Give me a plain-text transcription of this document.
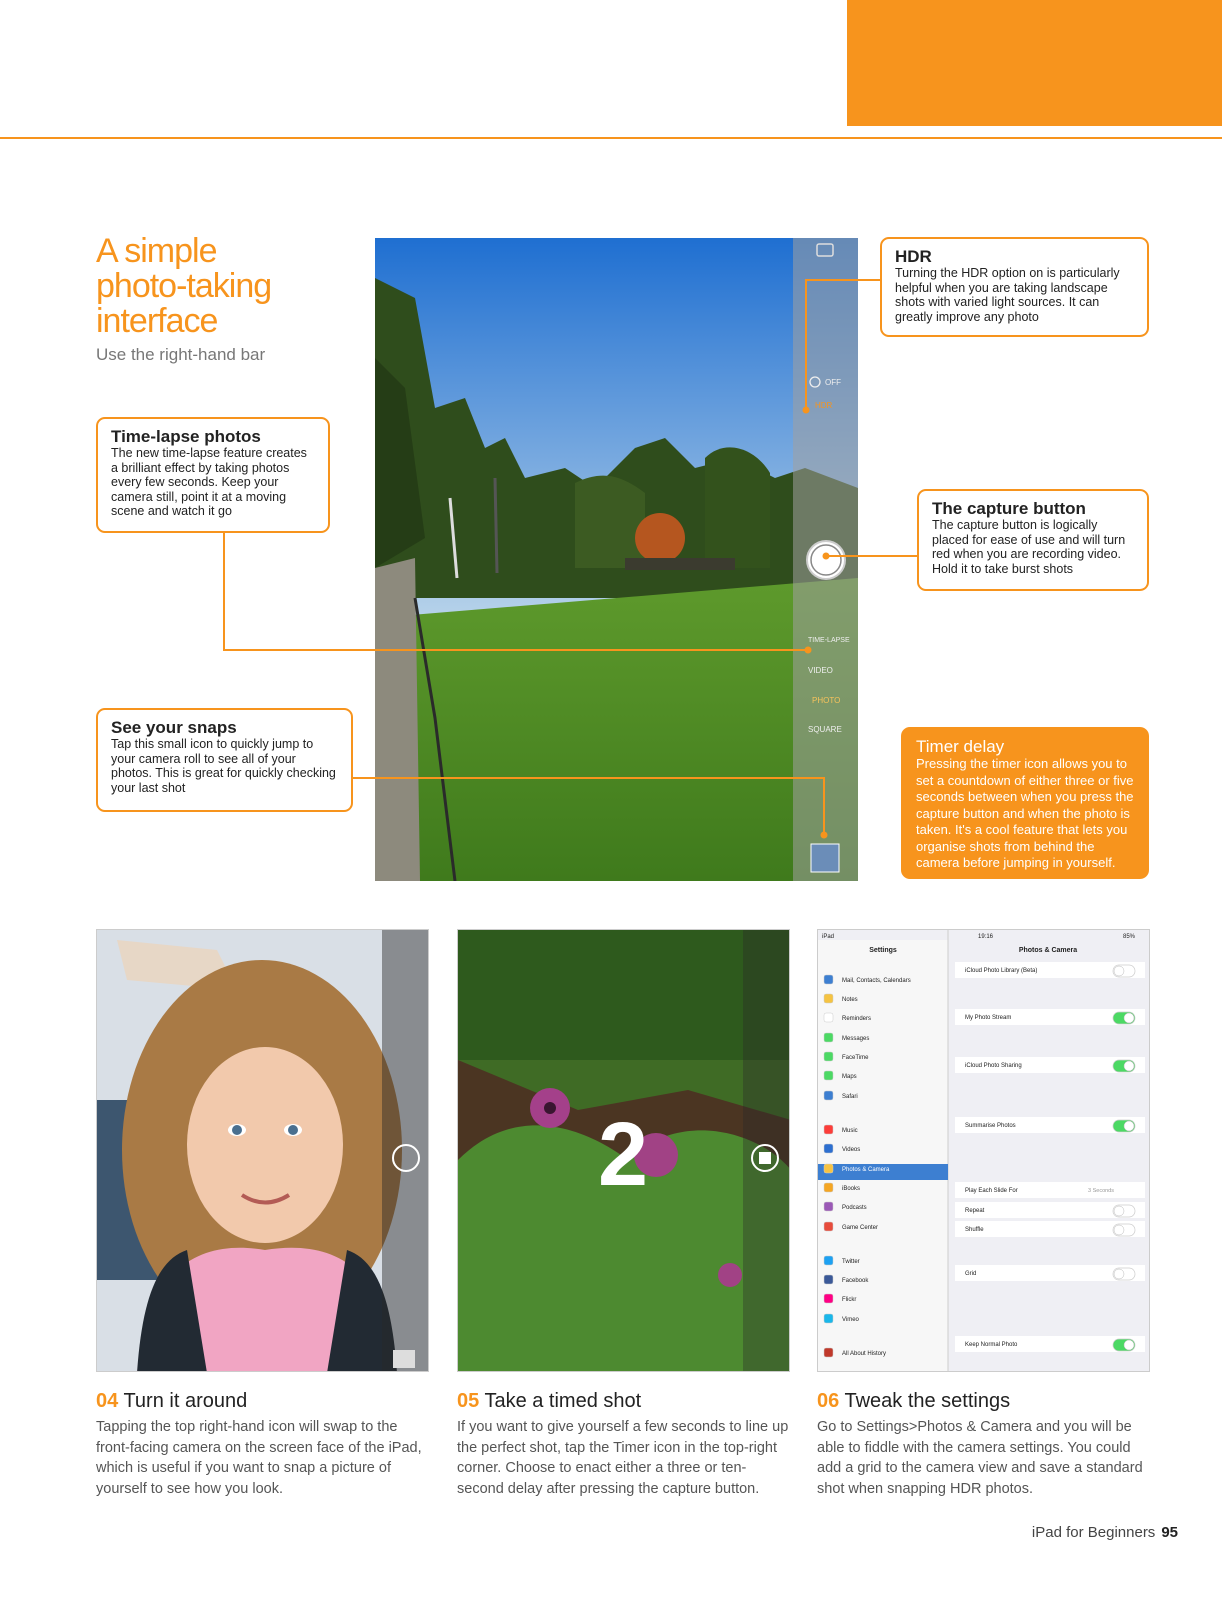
A simple
photo-taking
interface
Use the right-hand bar
OFF
HDR
TIME-LAPSE
VIDEO
PHOTO
SQUARE
HDR
Turning the HDR option on is particularly helpful when you are taking landscape shots with varied light sources. It can greatly improve any photo
Time-lapse photos
The new time-lapse feature creates a brilliant effect by taking photos every few seconds. Keep your camera still, point it at a moving scene and watch it go	The capture button
The capture button is logically placed for ease of use and will turn red when you are recording video. Hold it to take burst shots
See your snaps
Tap this small icon to quickly jump to your camera roll to see all of your photos. This is great for quickly checking your last shot
Timer delay
Pressing the timer icon allows you to set a countdown of either three or five seconds between when you press the capture button and when the photo is taken. It's a cool feature that lets you organise shots from behind the camera before jumping in yourself.
2
iPad	19:16	85%
Settings	Photos & Camera
Mail, Contacts, Calendars
Notes
Reminders
Messages
FaceTime
Maps
Safari
Music
Videos
Photos & Camera
iBooks
Podcasts
Game Center
Twitter
Facebook
Flickr
Vimeo
All About History
iCloud Photo Library (Beta)
My Photo Stream
iCloud Photo Sharing
Summarise Photos
Play Each Slide For	3 Seconds
Repeat
Shuffle
Grid
Keep Normal Photo
04 Turn it around
Tapping the top right-hand icon will swap to the front-facing camera on the screen face of the iPad, which is useful if you want to snap a picture of yourself to see how you look.
05 Take a timed shot
If you want to give yourself a few seconds to line up the perfect shot, tap the Timer icon in the top-right corner. Choose to enact either a three or ten-second delay after pressing the capture button.
06 Tweak the settings
Go to Settings>Photos & Camera and you will be able to fiddle with the camera settings. You could add a grid to the camera view and save a standard shot when snapping HDR photos.
iPad for Beginners 95
